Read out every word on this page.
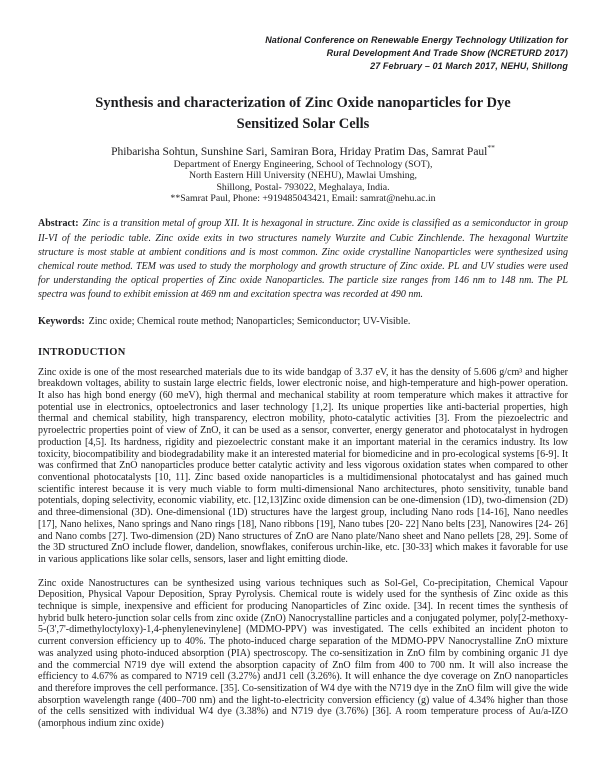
National Conference on Renewable Energy Technology Utilization for
Rural Development And Trade Show (NCRETURD 2017)
27 February – 01 March 2017, NEHU, Shillong
Synthesis and characterization of Zinc Oxide nanoparticles for Dye Sensitized Solar Cells
Phibarisha Sohtun, Sunshine Sari, Samiran Bora, Hriday Pratim Das, Samrat Paul**
Department of Energy Engineering, School of Technology (SOT),
North Eastern Hill University (NEHU), Mawlai Umshing,
Shillong, Postal- 793022, Meghalaya, India.
**Samrat Paul, Phone: +919485043421, Email: samrat@nehu.ac.in

Abstract: Zinc is a transition metal of group XII. It is hexagonal in structure. Zinc oxide is classified as a semiconductor in group II-VI of the periodic table. Zinc oxide exits in two structures namely Wurzite and Cubic Zinchlende. The hexagonal Wurtzite structure is most stable at ambient conditions and is most common. Zinc oxide crystalline Nanoparticles were synthesized using chemical route method. TEM was used to study the morphology and growth structure of Zinc oxide. PL and UV studies were used for understanding the optical properties of Zinc oxide Nanoparticles. The particle size ranges from 146 nm to 148 nm. The PL spectra was found to exhibit emission at 469 nm and excitation spectra was recorded at 490 nm.

Keywords: Zinc oxide; Chemical route method; Nanoparticles; Semiconductor; UV-Visible.

INTRODUCTION

Zinc oxide is one of the most researched materials due to its wide bandgap of 3.37 eV, it has the density of 5.606 g/cm³ and higher breakdown voltages, ability to sustain large electric fields, lower electronic noise, and high-temperature and high-power operation. It also has high bond energy (60 meV), high thermal and mechanical stability at room temperature which makes it attractive for potential use in electronics, optoelectronics and laser technology [1,2]. Its unique properties like anti-bacterial properties, high thermal and chemical stability, high transparency, electron mobility, photo-catalytic activities [3]. From the piezoelectric and pyroelectric properties point of view of ZnO, it can be used as a sensor, converter, energy generator and photocatalyst in hydrogen production [4,5]. Its hardness, rigidity and piezoelectric constant make it an important material in the ceramics industry. Its low toxicity, biocompatibility and biodegradability make it an interested material for biomedicine and in pro-ecological systems [6-9]. It was confirmed that ZnO nanoparticles produce better catalytic activity and less vigorous oxidation states when compared to other conventional photocatalysts [10, 11]. Zinc based oxide nanoparticles is a multidimensional photocatalyst and has gained much scientific interest because it is very much viable to form multi-dimensional Nano architectures, photo sensitivity, tunable band potentials, doping selectivity, economic viability, etc. [12,13]Zinc oxide dimension can be one-dimension (1D), two-dimension (2D) and three-dimensional (3D). One-dimensional (1D) structures have the largest group, including Nano rods [14-16], Nano needles [17], Nano helixes, Nano springs and Nano rings [18], Nano ribbons [19], Nano tubes [20- 22] Nano belts [23], Nanowires [24- 26] and Nano combs [27]. Two-dimension (2D) Nano structures of ZnO are Nano plate/Nano sheet and Nano pellets [28, 29]. Some of the 3D structured ZnO include flower, dandelion, snowflakes, coniferous urchin-like, etc. [30-33] which makes it favorable for use in various applications like solar cells, sensors, laser and light emitting diode.

Zinc oxide Nanostructures can be synthesized using various techniques such as Sol-Gel, Co-precipitation, Chemical Vapour Deposition, Physical Vapour Deposition, Spray Pyrolysis. Chemical route is widely used for the synthesis of Zinc oxide as this technique is simple, inexpensive and efficient for producing Nanoparticles of Zinc oxide. [34]. In recent times the synthesis of hybrid bulk hetero-junction solar cells from zinc oxide (ZnO) Nanocrystalline particles and a conjugated polymer, poly[2-methoxy-5-(3',7'-dimethyloctyloxy)-1,4-phenylenevinylene] (MDMO-PPV) was investigated. The cells exhibited an incident photon to current conversion efficiency up to 40%. The photo-induced charge separation of the MDMO-PPV Nanocrystalline ZnO mixture was analyzed using photo-induced absorption (PIA) spectroscopy. The co-sensitization in ZnO film by combining organic J1 dye and the commercial N719 dye will extend the absorption capacity of ZnO film from 400 to 700 nm. It will also increase the efficiency to 4.67% as compared to N719 cell (3.27%) andJ1 cell (3.26%). It will enhance the dye coverage on ZnO nanoparticles and therefore improves the cell performance. [35]. Co-sensitization of W4 dye with the N719 dye in the ZnO film will give the wide absorption wavelength range (400–700 nm) and the light-to-electricity conversion efficiency (g) value of 4.34% higher than those of the cells sensitized with individual W4 dye (3.38%) and N719 dye (3.76%) [36]. A room temperature process of Au/a-IZO (amorphous indium zinc oxide)
